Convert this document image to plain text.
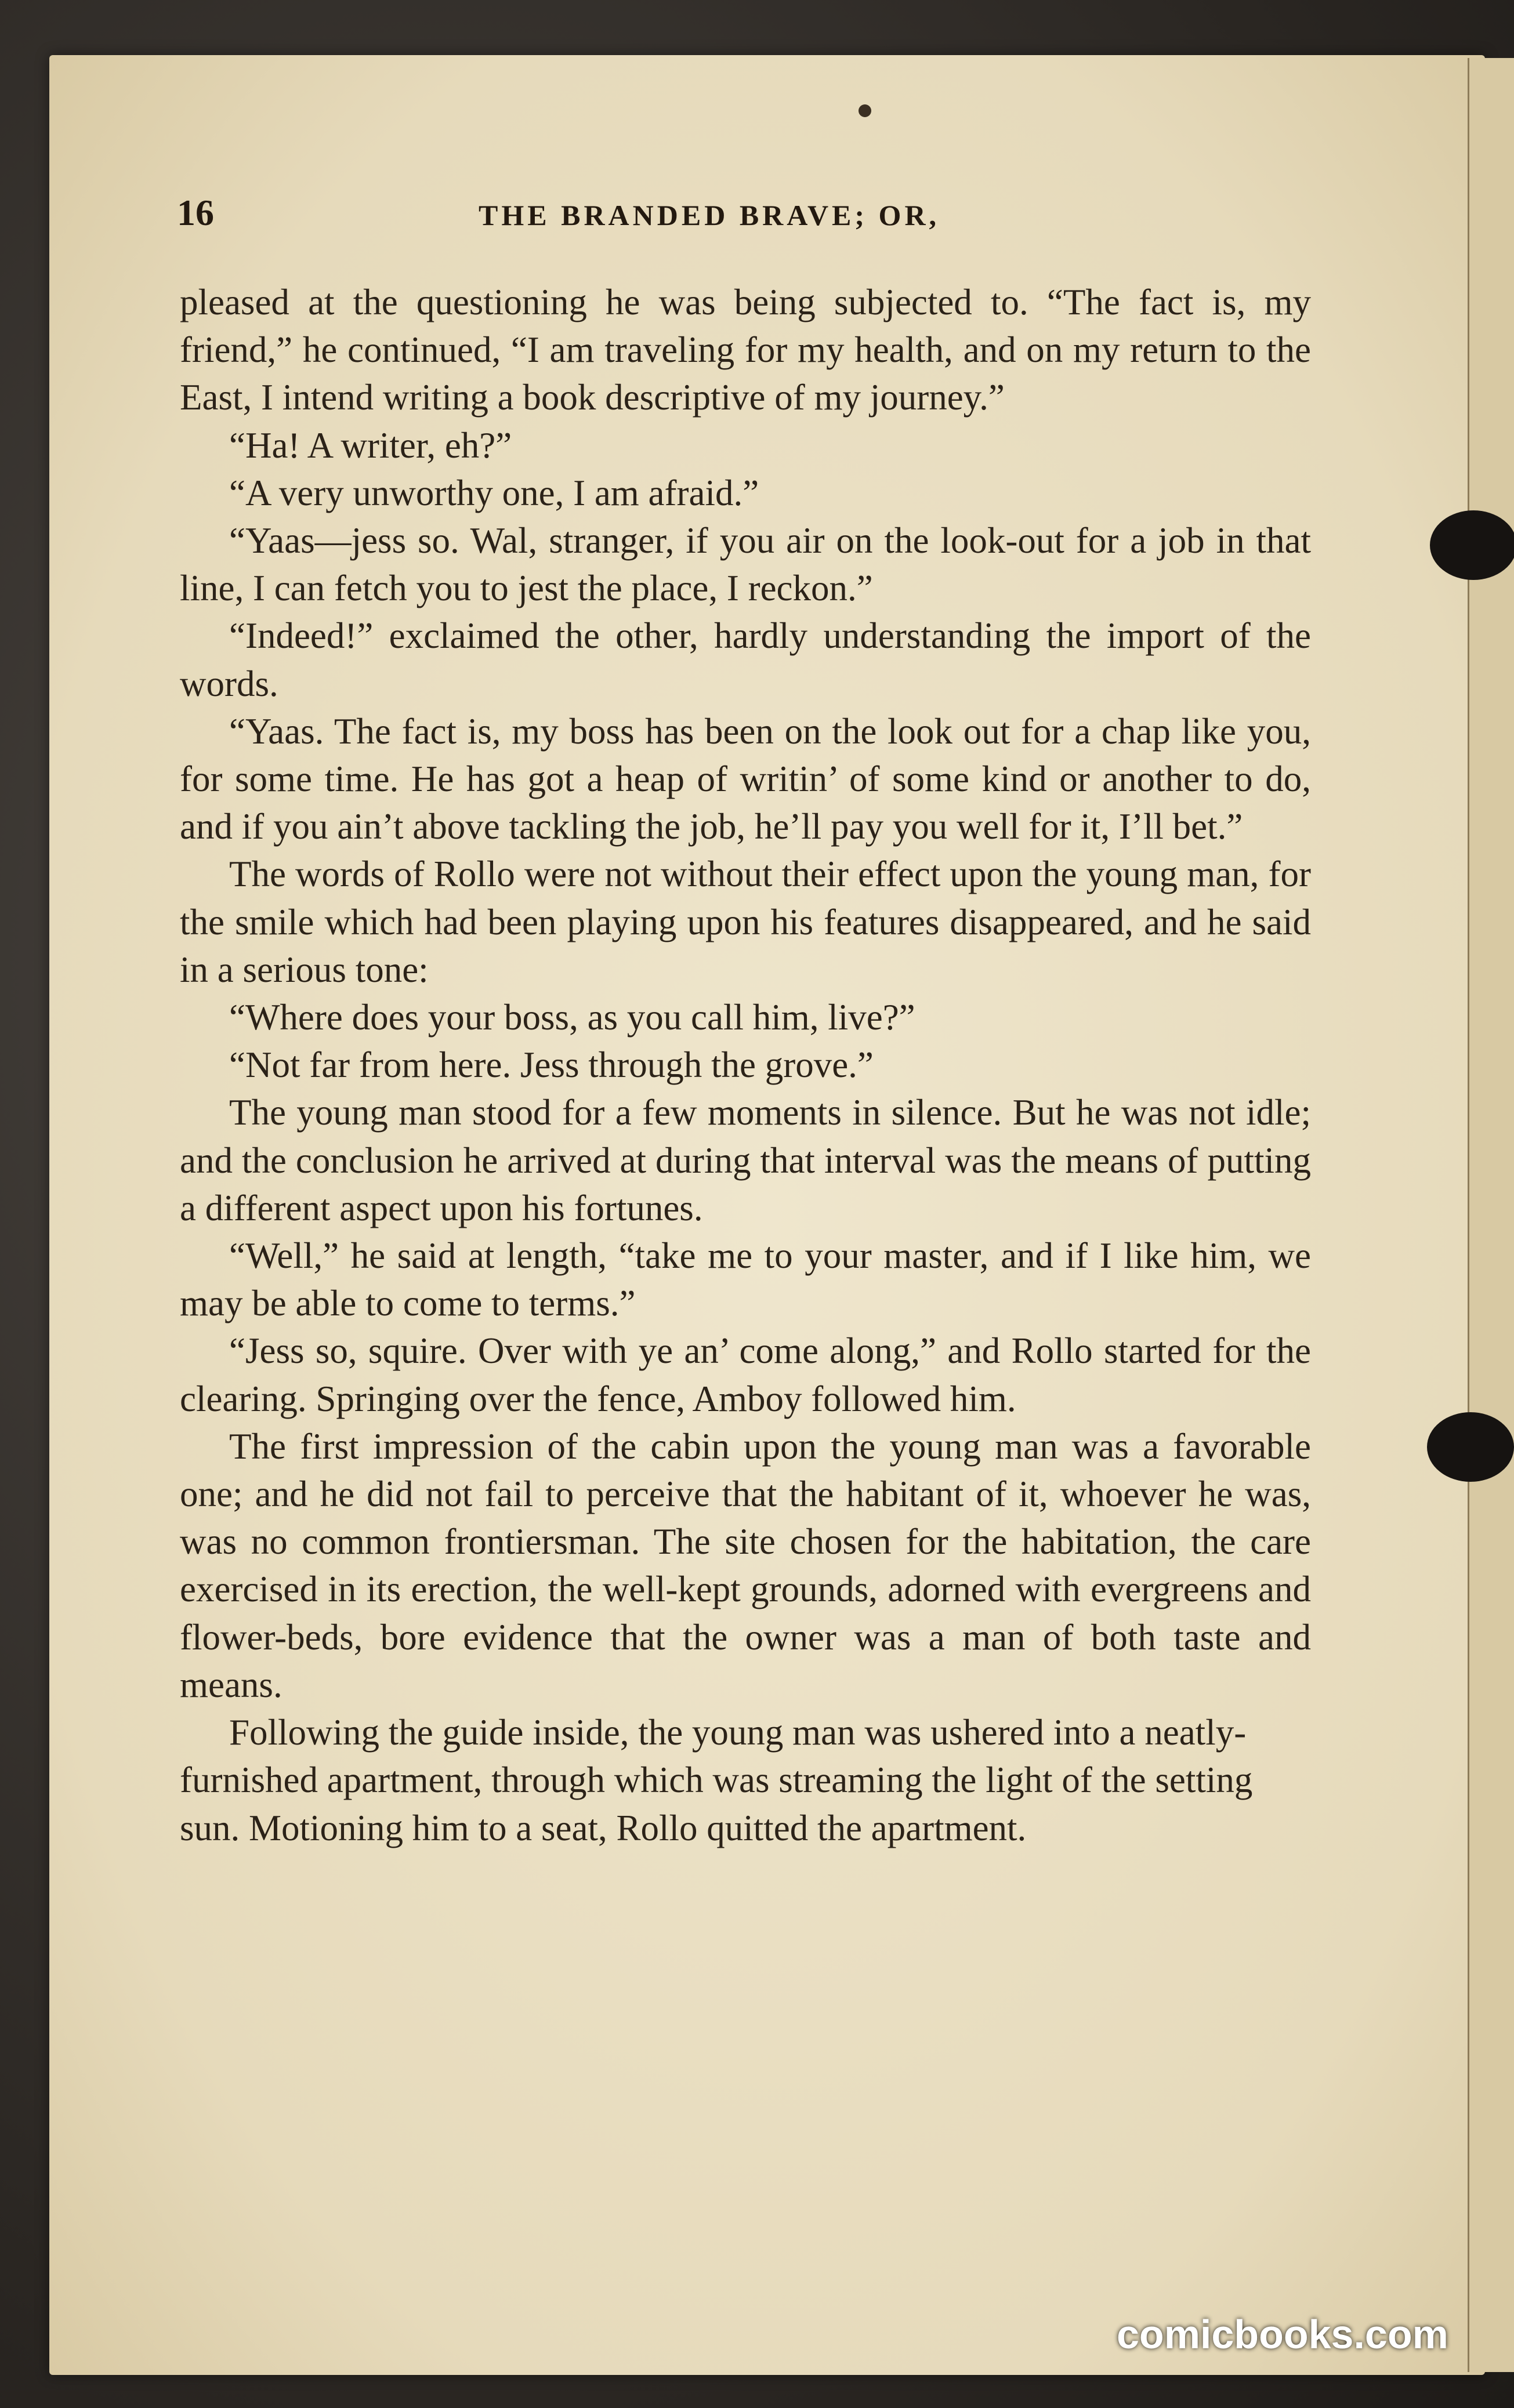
16	THE BRANDED BRAVE; OR,

pleased at the questioning he was being subjected to. “The fact is, my friend,” he continued, “I am traveling for my health, and on my return to the East, I intend writing a book descriptive of my journey.”

“Ha! A writer, eh?”

“A very unworthy one, I am afraid.”

“Yaas—jess so. Wal, stranger, if you air on the look-out for a job in that line, I can fetch you to jest the place, I reckon.”

“Indeed!” exclaimed the other, hardly understanding the import of the words.

“Yaas. The fact is, my boss has been on the look out for a chap like you, for some time. He has got a heap of writin’ of some kind or another to do, and if you ain’t above tackling the job, he’ll pay you well for it, I’ll bet.”

The words of Rollo were not without their effect upon the young man, for the smile which had been playing upon his features disappeared, and he said in a serious tone:

“Where does your boss, as you call him, live?”

“Not far from here. Jess through the grove.”

The young man stood for a few moments in silence. But he was not idle; and the conclusion he arrived at during that interval was the means of putting a different aspect upon his fortunes.

“Well,” he said at length, “take me to your master, and if I like him, we may be able to come to terms.”

“Jess so, squire. Over with ye an’ come along,” and Rollo started for the clearing. Springing over the fence, Amboy followed him.

The first impression of the cabin upon the young man was a favorable one; and he did not fail to perceive that the habitant of it, whoever he was, was no common frontiersman. The site chosen for the habitation, the care exercised in its erection, the well-kept grounds, adorned with evergreens and flower-beds, bore evidence that the owner was a man of both taste and means.

Following the guide inside, the young man was ushered into a neatly-furnished apartment, through which was streaming the light of the setting sun. Motioning him to a seat, Rollo quitted the apartment.

comicbooks.com
